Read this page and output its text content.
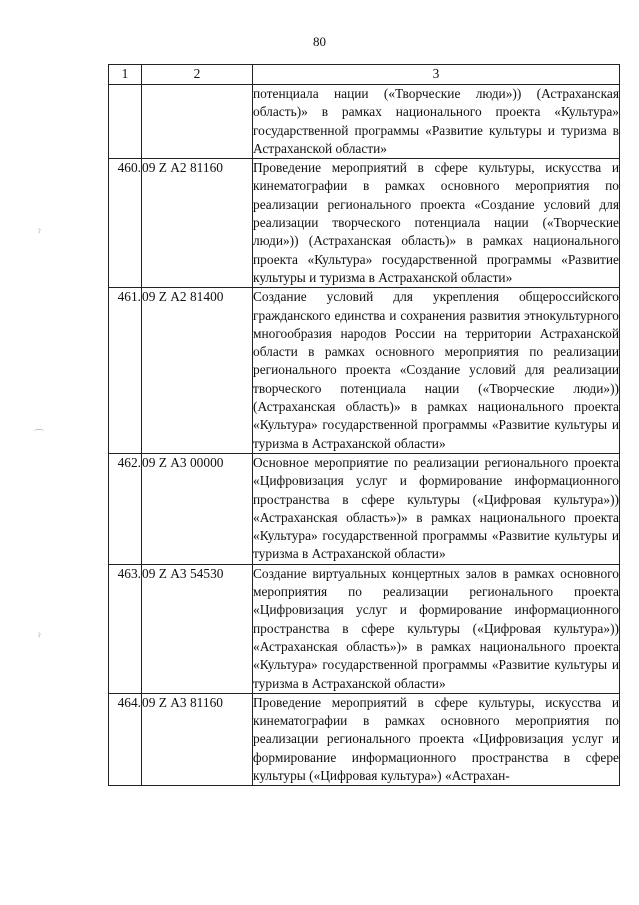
80
ˀ
⌒
ˀ
1	2	3
		потенциала нации («Творческие люди»)) (Астраханская область)» в рамках национального проекта «Культура» государственной программы «Развитие культуры и туризма в Астраханской области»
460.	09 Z А2 81160	Проведение мероприятий в сфере культуры, искусства и кинематографии в рамках основного мероприятия по реализации регионального проекта «Создание условий для реализации творческого потенциала нации («Творческие люди»)) (Астраханская область)» в рамках национального проекта «Культура» государственной программы «Развитие культуры и туризма в Астраханской области»
461.	09 Z А2 81400	Создание условий для укрепления общероссийского гражданского единства и сохранения развития этнокультурного многообразия народов России на территории Астраханской области в рамках основного мероприятия по реализации регионального проекта «Создание условий для реализации творческого потенциала нации («Творческие люди»)) (Астраханская область)» в рамках национального проекта «Культура» государственной программы «Развитие культуры и туризма в Астраханской области»
462.	09 Z А3 00000	Основное мероприятие по реализации регионального проекта «Цифровизация услуг и формирование информационного пространства в сфере культуры («Цифровая культура»)) «Астраханская область»)» в рамках национального проекта «Культура» государственной программы «Развитие культуры и туризма в Астраханской области»
463.	09 Z А3 54530	Создание виртуальных концертных залов в рамках основного мероприятия по реализации регионального проекта «Цифровизация услуг и формирование информационного пространства в сфере культуры («Цифровая культура»)) «Астраханская область»)» в рамках национального проекта «Культура» государственной программы «Развитие культуры и туризма в Астраханской области»
464.	09 Z А3 81160	Проведение мероприятий в сфере культуры, искусства и кинематографии в рамках основного мероприятия по реализации регионального проекта «Цифровизация услуг и формирование информационного пространства в сфере культуры («Цифровая культура») «Астрахан-
